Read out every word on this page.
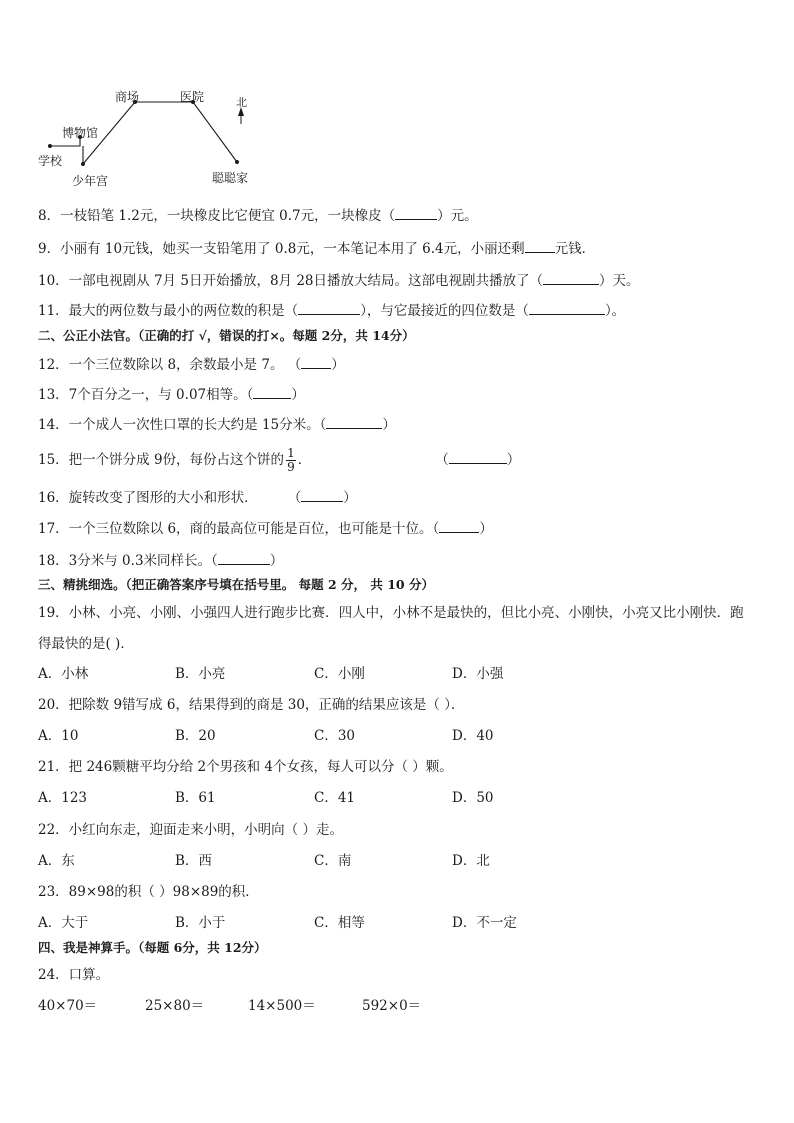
学校
博物馆
少年宫
商场	医院
聪聪家
北
8．一枝铅笔 1.2元，一块橡皮比它便宜 0.7元，一块橡皮（	）元。
9．小丽有 10元钱，她买一支铅笔用了 0.8元，一本笔记本用了 6.4元，小丽还剩 元钱．
10．一部电视剧从 7月 5日开始播放，8月 28日播放大结局。这部电视剧共播放了（	）天。
11．最大的两位数与最小的两位数的积是（	），与它最接近的四位数是（	）。
二、公正小法官。（正确的打 √，错误的打×。每题 2分，共 14分）
12．一个三位数除以 8，余数最小是 7。 （ ）
13．7个百分之一，与 0.07相等。（	）
14．一个成人一次性口罩的长大约是 15分米。（	）
15．把一个饼分成 9份，每份占这个饼的 $\frac{1}{9}$ ．	（	）
16．旋转改变了图形的大小和形状． （	）
17．一个三位数除以 6，商的最高位可能是百位，也可能是十位。（	）
18．3分米与 0.3米同样长。（	）
三、精挑细选。（把正确答案序号填在括号里。 每题 2 分， 共 10 分）
19．小林、小亮、小刚、小强四人进行跑步比赛．四人中，小林不是最快的，但比小亮、小刚快，小亮又比小刚快．跑
得最快的是( )．
A．小林	B．小亮	C．小刚	D．小强
20．把除数 9错写成 6，结果得到的商是 30，正确的结果应该是（ ）．
A．10	B．20	C．30	D．40
21．把 246颗糖平均分给 2个男孩和 4个女孩，每人可以分（ ）颗。
A．123	B．61	C．41	D．50
22．小红向东走，迎面走来小明，小明向（ ）走。
A．东	B．西	C．南	D．北
23．89×98的积（ ）98×89的积．
A．大于	B．小于	C．相等	D．不一定
四、我是神算手。（每题 6分，共 12分）
24．口算。
40×70＝	25×80＝	14×500＝	592×0＝
